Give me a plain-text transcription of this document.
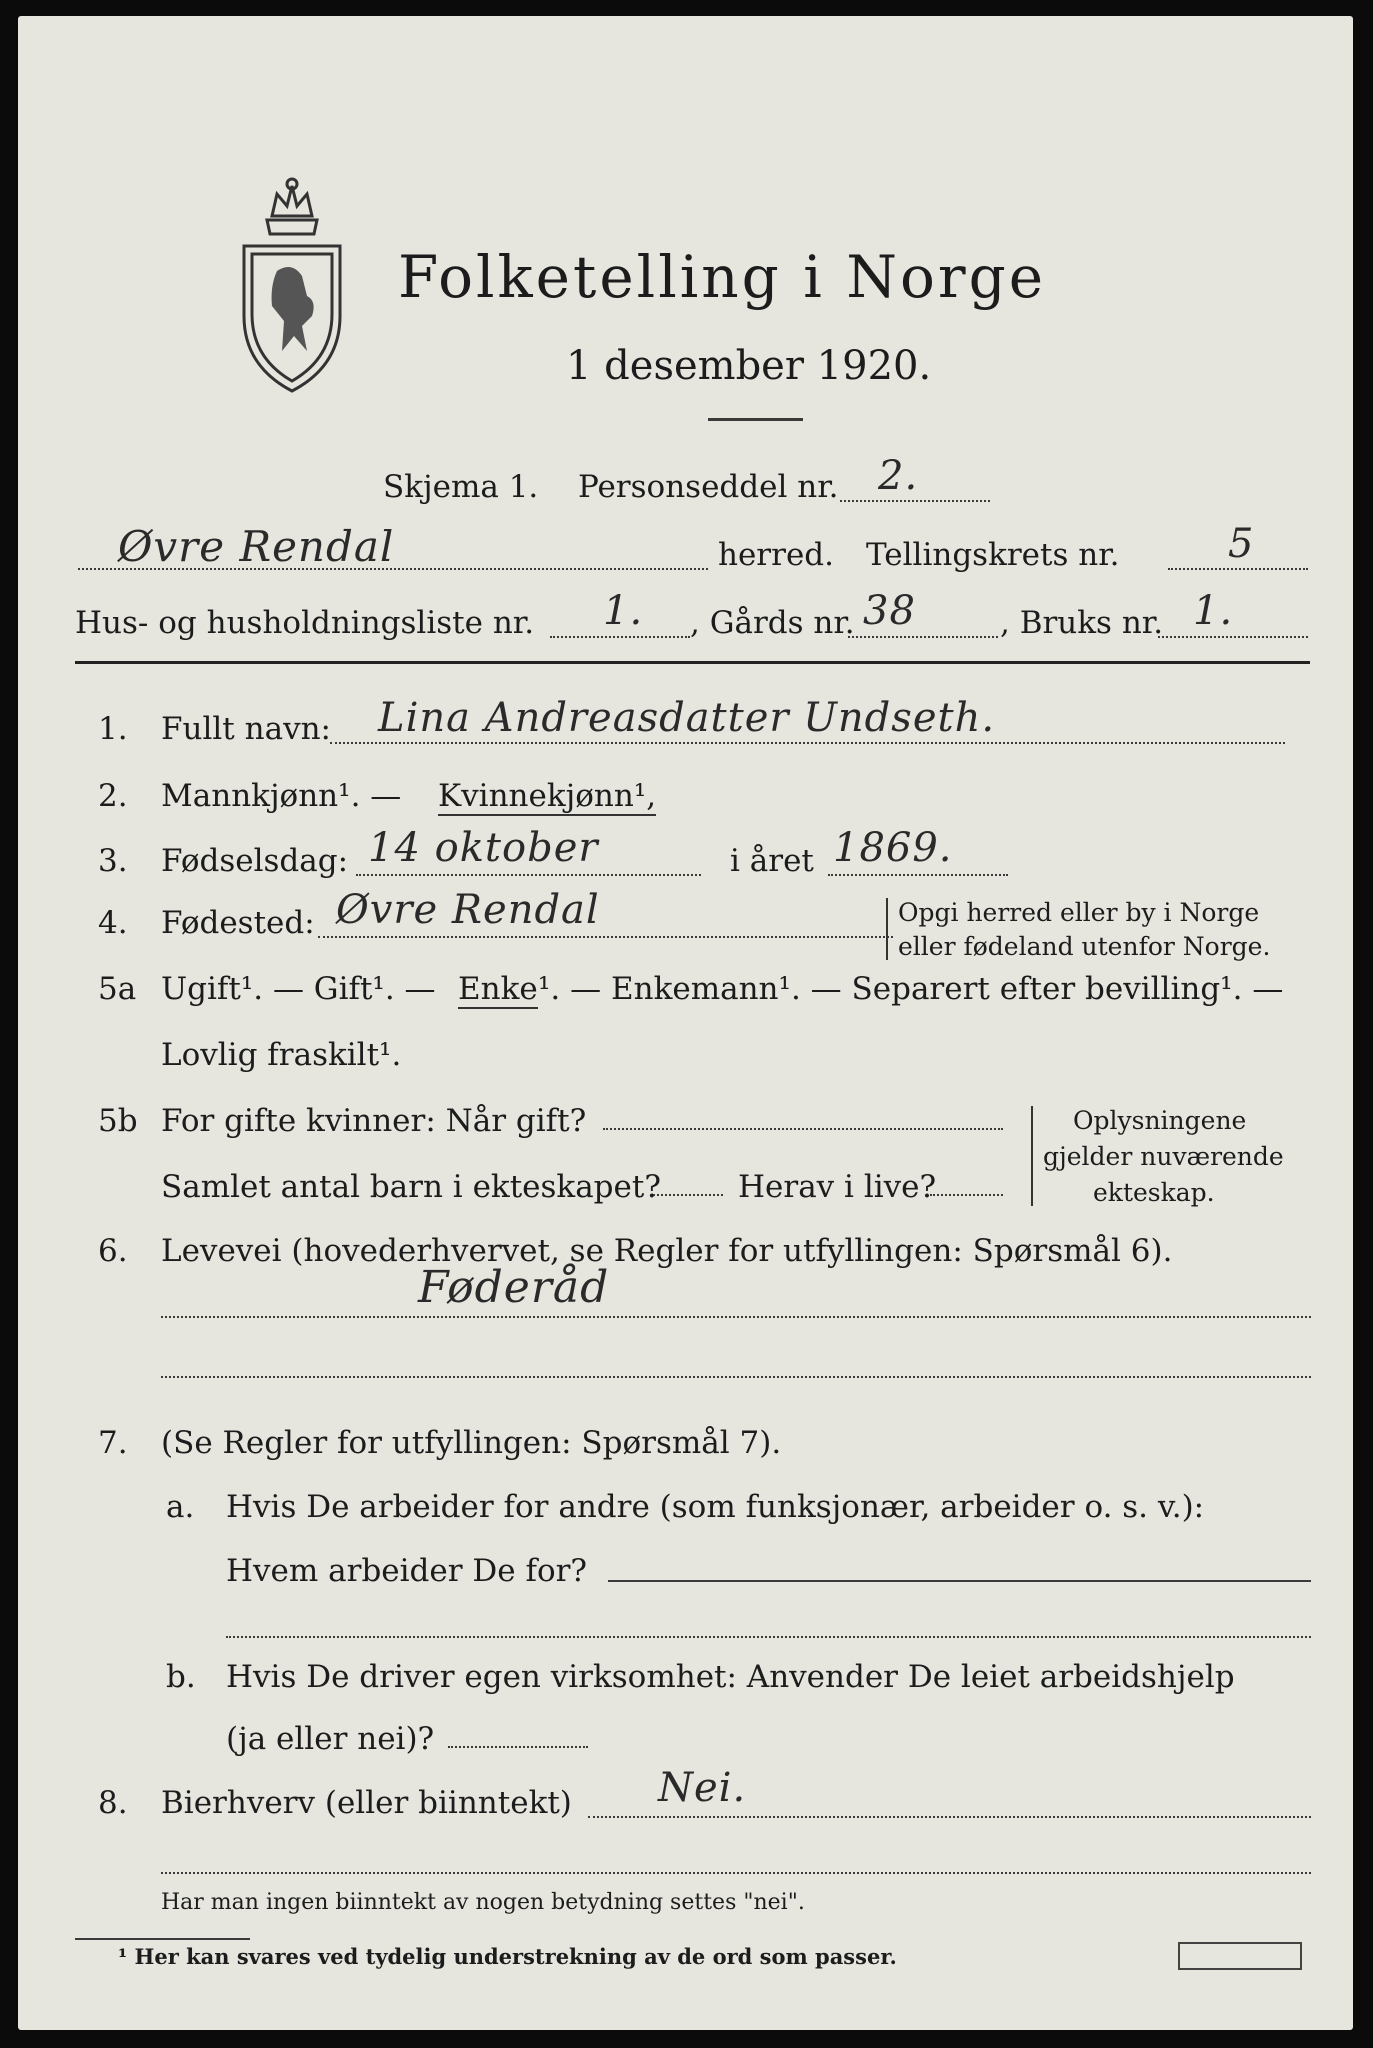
Folketelling i Norge
1 desember 1920.
Skjema 1. Personseddel nr. 2.
Øvre Rendal	herred. Tellingskrets nr.	5
Hus- og husholdningsliste nr. 1. , Gårds nr. 38	, Bruks nr. 1.
1. Fullt navn: Lina Andreasdatter Undseth.
2. Mannkjønn¹. — Kvinnekjønn¹,
3. Fødselsdag: 14 oktober	i året 1869.
4. Fødested: Øvre Rendal	Opgi herred eller by i Norge
eller fødeland utenfor Norge.
5a Ugift¹. — Gift¹. — Enke ¹. — Enkemann¹. — Separert efter bevilling¹. —
Lovlig fraskilt¹.
5b For gifte kvinner: Når gift?
Samlet antal barn i ekteskapet? Herav i live?
Oplysningene
gjelder nuværende
ekteskap.
6. Levevei (hovederhvervet, se Regler for utfyllingen: Spørsmål 6).
Føderåd
7. (Se Regler for utfyllingen: Spørsmål 7).
a. Hvis De arbeider for andre (som funksjonær, arbeider o. s. v.):
Hvem arbeider De for?
b. Hvis De driver egen virksomhet: Anvender De leiet arbeidshjelp
(ja eller nei)?
8. Bierhverv (eller biinntekt) Nei.
Har man ingen biinntekt av nogen betydning settes "nei".
¹ Her kan svares ved tydelig understrekning av de ord som passer.
